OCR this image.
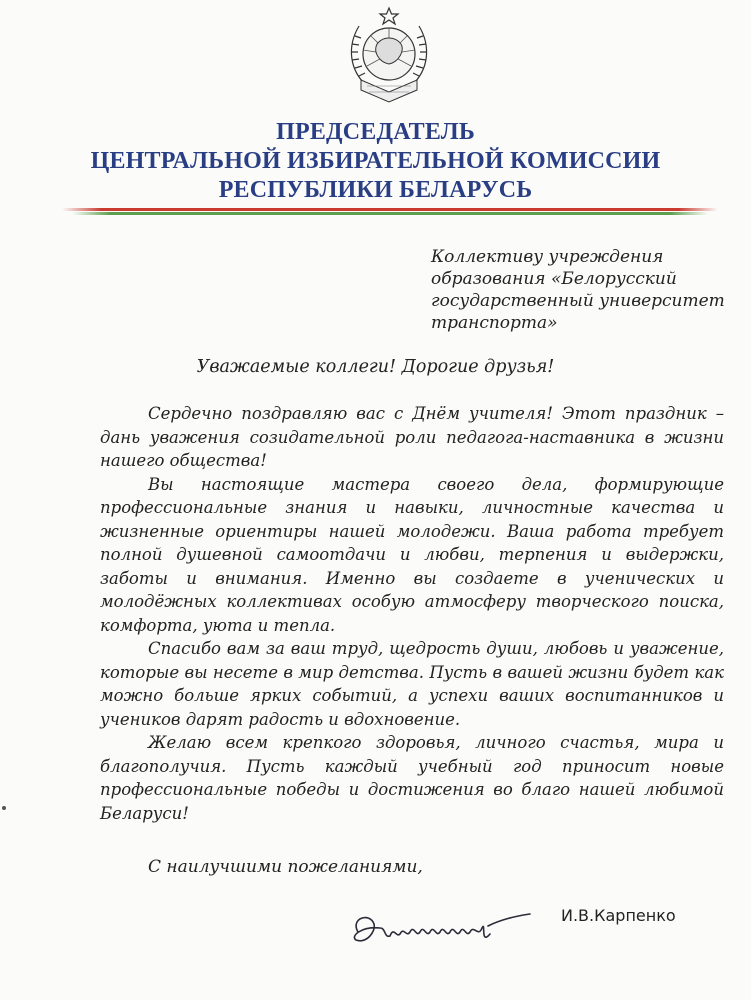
ПРЕДСЕДАТЕЛЬ
ЦЕНТРАЛЬНОЙ ИЗБИРАТЕЛЬНОЙ КОМИССИИ
РЕСПУБЛИКИ БЕЛАРУСЬ
Коллективу учреждения
образования «Белорусский
государственный университет
транспорта»
Уважаемые коллеги! Дорогие друзья!

Сердечно поздравляю вас с Днём учителя! Этот праздник – дань уважения созидательной роли педагога-наставника в жизни нашего общества!

Вы настоящие мастера своего дела, формирующие профессиональные знания и навыки, личностные качества и жизненные ориентиры нашей молодежи. Ваша работа требует полной душевной самоотдачи и любви, терпения и выдержки, заботы и внимания. Именно вы создаете в ученических и молодёжных коллективах особую атмосферу творческого поиска, комфорта, уюта и тепла.

Спасибо вам за ваш труд, щедрость души, любовь и уважение, которые вы несете в мир детства. Пусть в вашей жизни будет как можно больше ярких событий, а успехи ваших воспитанников и учеников дарят радость и вдохновение.

Желаю всем крепкого здоровья, личного счастья, мира и благополучия. Пусть каждый учебный год приносит новые профессиональные победы и достижения во благо нашей любимой Беларуси!

С наилучшими пожеланиями,
И.В.Карпенко
